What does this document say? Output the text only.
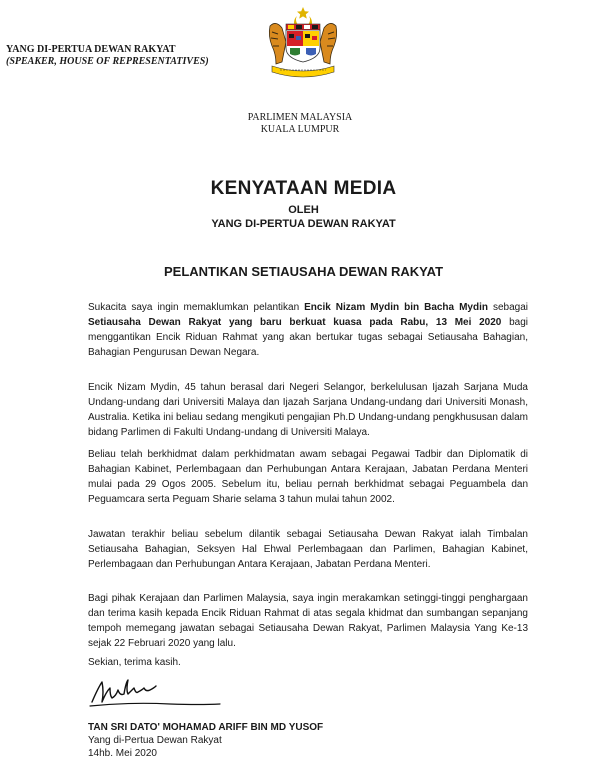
YANG DI-PERTUA DEWAN RAKYAT
(SPEAKER, HOUSE OF REPRESENTATIVES)
PARLIMEN MALAYSIA
KUALA LUMPUR
KENYATAAN MEDIA
OLEH
YANG DI-PERTUA DEWAN RAKYAT
PELANTIKAN SETIAUSAHA DEWAN RAKYAT

Sukacita saya ingin memaklumkan pelantikan Encik Nizam Mydin bin Bacha Mydin sebagai Setiausaha Dewan Rakyat yang baru berkuat kuasa pada Rabu, 13 Mei 2020 bagi menggantikan Encik Riduan Rahmat yang akan bertukar tugas sebagai Setiausaha Bahagian, Bahagian Pengurusan Dewan Negara.

Encik Nizam Mydin, 45 tahun berasal dari Negeri Selangor, berkelulusan Ijazah Sarjana Muda Undang-undang dari Universiti Malaya dan Ijazah Sarjana Undang-undang dari Universiti Monash, Australia. Ketika ini beliau sedang mengikuti pengajian Ph.D Undang-undang pengkhususan dalam bidang Parlimen di Fakulti Undang-undang di Universiti Malaya.

Beliau telah berkhidmat dalam perkhidmatan awam sebagai Pegawai Tadbir dan Diplomatik di Bahagian Kabinet, Perlembagaan dan Perhubungan Antara Kerajaan, Jabatan Perdana Menteri mulai pada 29 Ogos 2005. Sebelum itu, beliau pernah berkhidmat sebagai Peguambela dan Peguamcara serta Peguam Sharie selama 3 tahun mulai tahun 2002.

Jawatan terakhir beliau sebelum dilantik sebagai Setiausaha Dewan Rakyat ialah Timbalan Setiausaha Bahagian, Seksyen Hal Ehwal Perlembagaan dan Parlimen, Bahagian Kabinet, Perlembagaan dan Perhubungan Antara Kerajaan, Jabatan Perdana Menteri.

Bagi pihak Kerajaan dan Parlimen Malaysia, saya ingin merakamkan setinggi-tinggi penghargaan dan terima kasih kepada Encik Riduan Rahmat di atas segala khidmat dan sumbangan sepanjang tempoh memegang jawatan sebagai Setiausaha Dewan Rakyat, Parlimen Malaysia Yang Ke-13 sejak 22 Februari 2020 yang lalu.

Sekian, terima kasih.

TAN SRI DATO' MOHAMAD ARIFF BIN MD YUSOF
Yang di-Pertua Dewan Rakyat
14hb. Mei 2020
